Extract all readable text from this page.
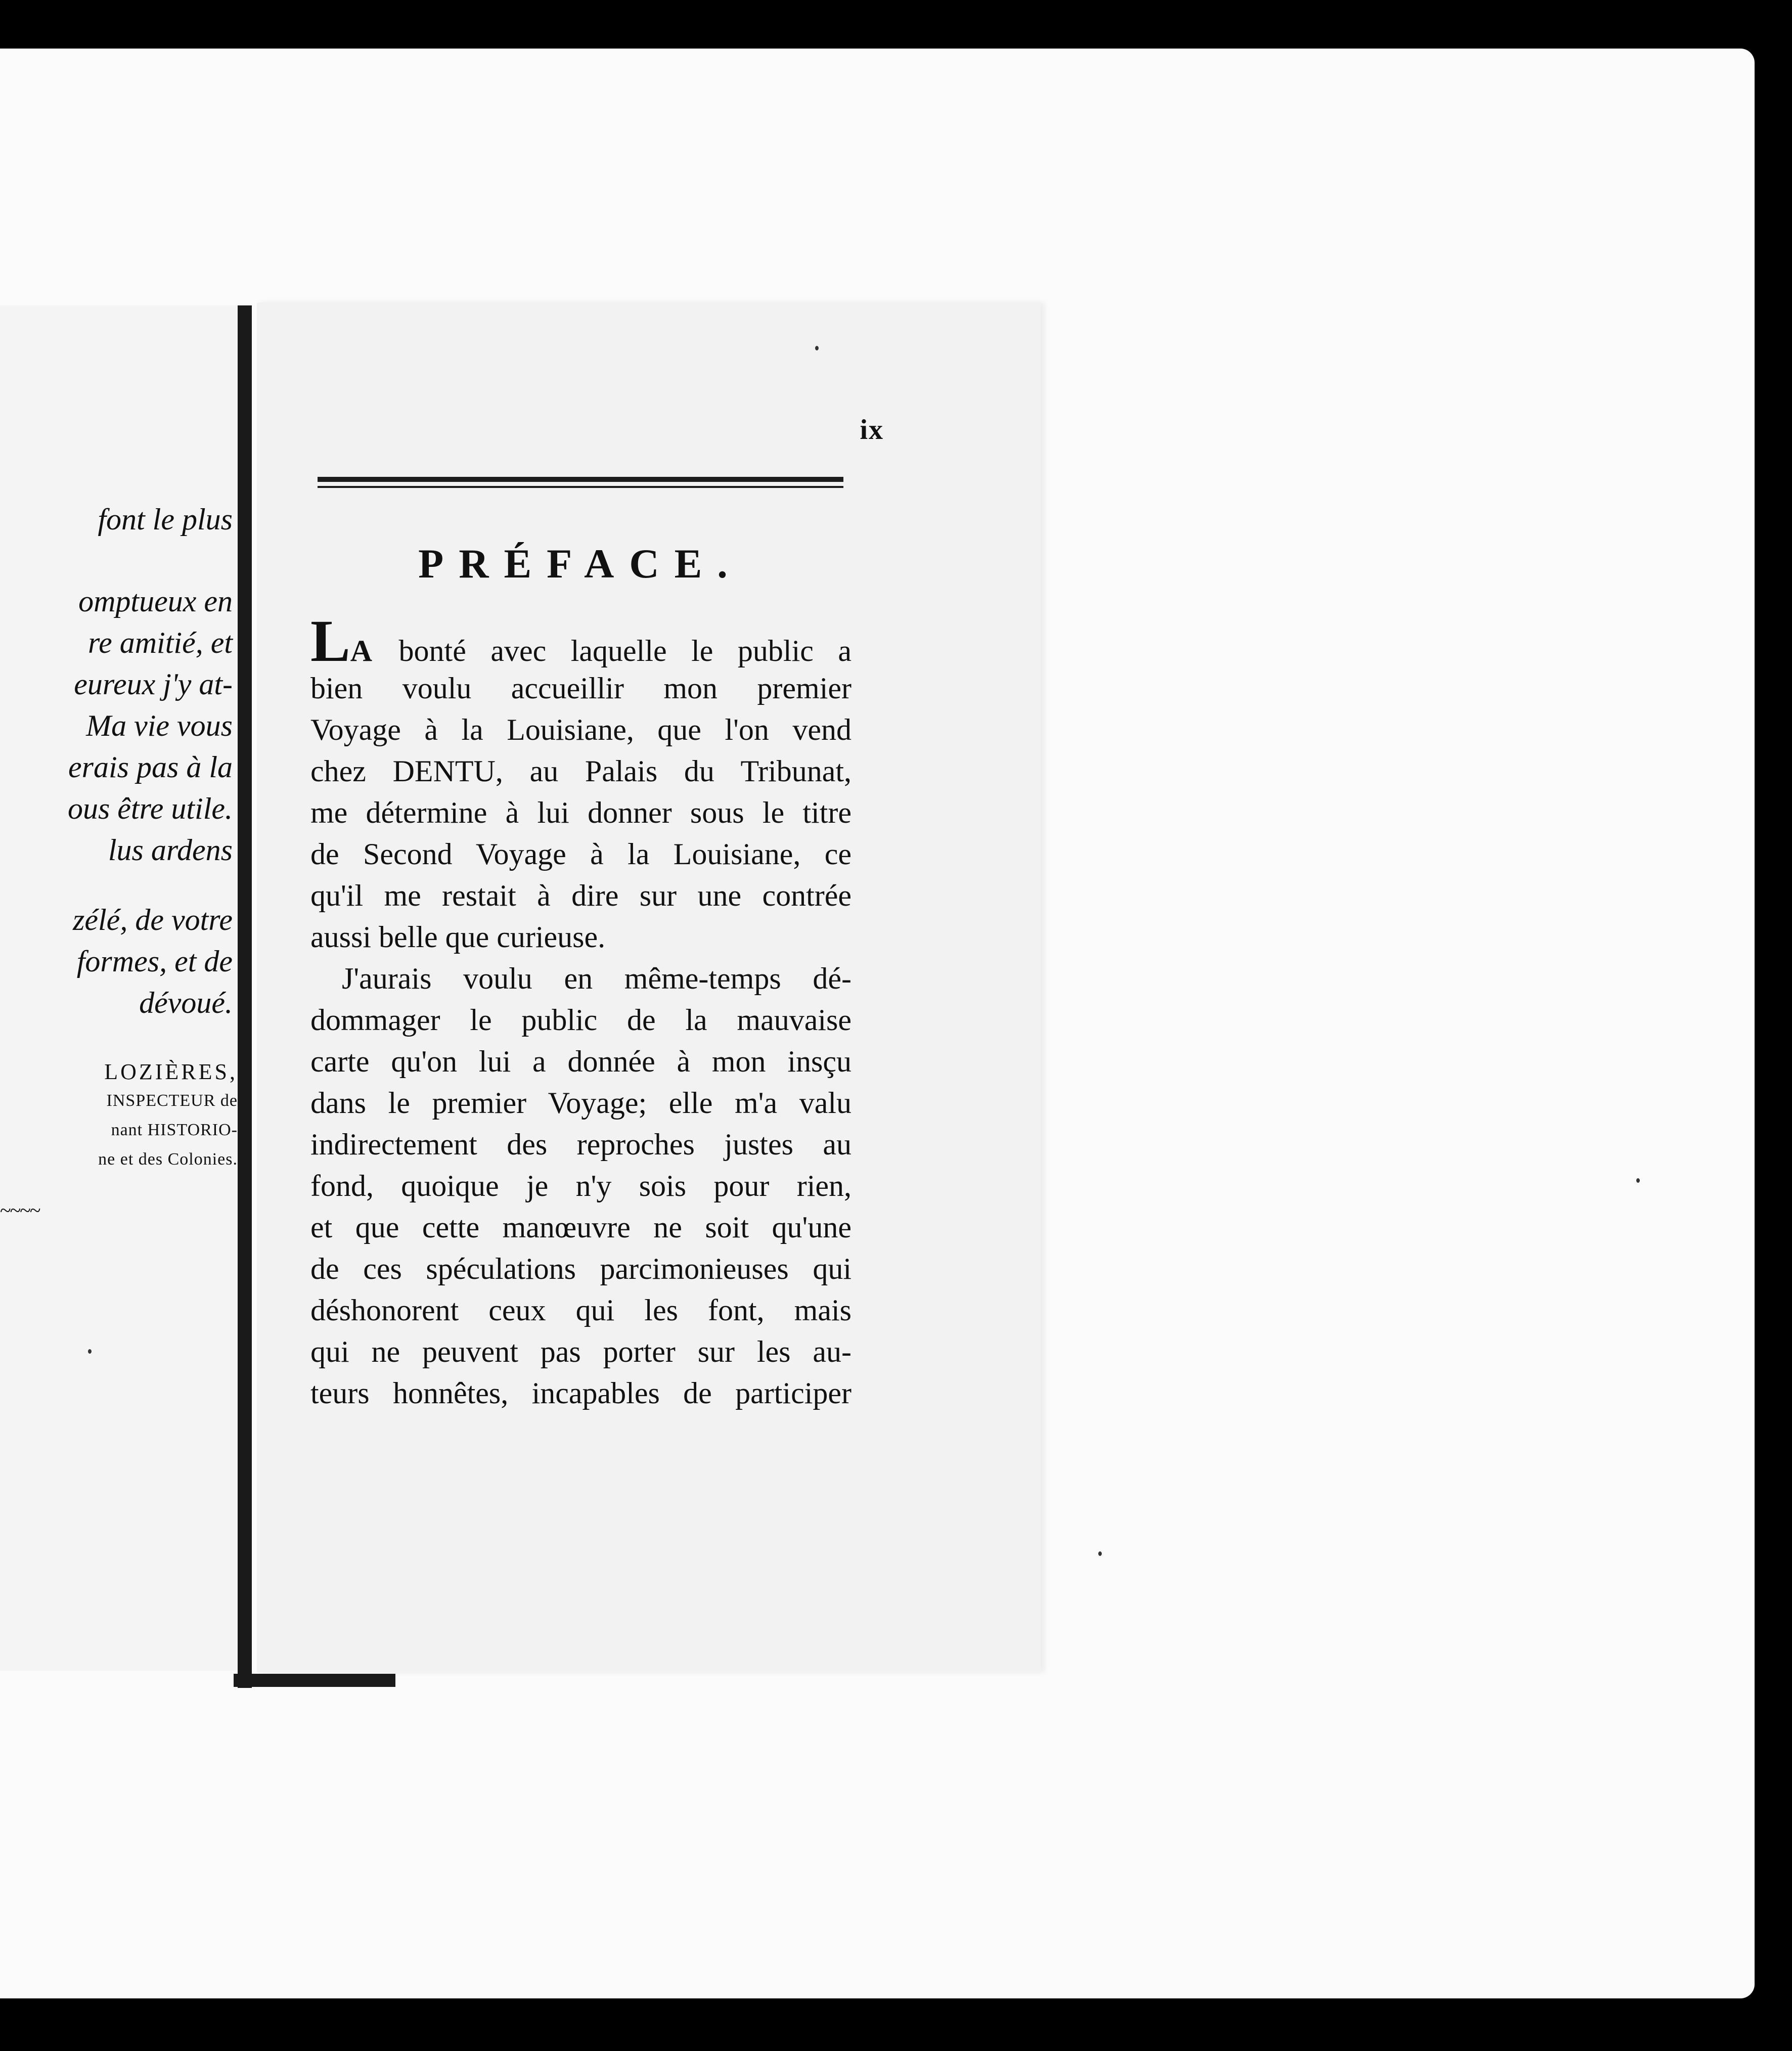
font le plus
omptueux en
re amitié, et
eureux j'y at-
Ma vie vous
erais pas à la
ous être utile.
lus ardens
zélé, de votre
formes, et de
dévoué.
LOZIÈRES,
INSPECTEUR de
nant HISTORIO-
ne et des Colonies.
~~~~
ix
PRÉFACE.
LA bonté avec laquelle le public a
bien voulu accueillir mon premier
Voyage à la Louisiane, que l'on vend
chez DENTU, au Palais du Tribunat,
me détermine à lui donner sous le titre
de Second Voyage à la Louisiane, ce
qu'il me restait à dire sur une contrée
aussi belle que curieuse.
J'aurais voulu en même-temps dé-
dommager le public de la mauvaise
carte qu'on lui a donnée à mon insçu
dans le premier Voyage; elle m'a valu
indirectement des reproches justes au
fond, quoique je n'y sois pour rien,
et que cette manœuvre ne soit qu'une
de ces spéculations parcimonieuses qui
déshonorent ceux qui les font, mais
qui ne peuvent pas porter sur les au-
teurs honnêtes, incapables de participer
